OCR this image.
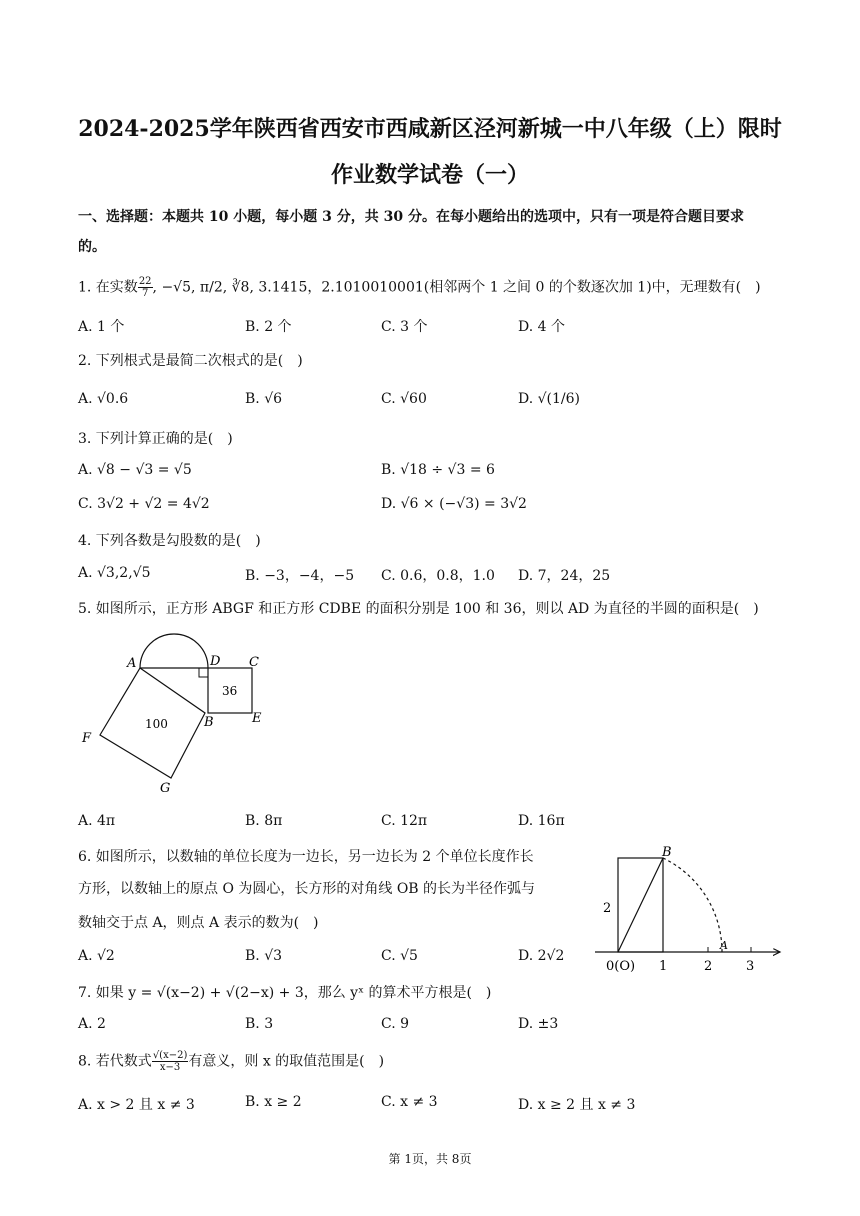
2024-2025学年陕西省西安市西咸新区泾河新城一中八年级（上）限时
作业数学试卷（一）
一、选择题：本题共 10 小题，每小题 3 分，共 30 分。在每小题给出的选项中，只有一项是符合题目要求
的。
1. 在实数 $\frac{22}{7}$ , −√5, π/2, ∛8, 3.1415，2.1010010001(相邻两个 1 之间 0 的个数逐次加 1)中，无理数有(　)
A. 1 个	B. 2 个	C. 3 个	D. 4 个
2. 下列根式是最简二次根式的是(　)
A. √0.6	B. √6	C. √60	D. √(1/6)
3. 下列计算正确的是(　)
A. √8 − √3 = √5	B. √18 ÷ √3 = 6
C. 3√2 + √2 = 4√2	D. √6 × (−√3) = 3√2
4. 下列各数是勾股数的是(　)
A. √3,2,√5	B. −3，−4，−5 C. 0.6，0.8，1.0 D. 7，24，25
5. 如图所示，正方形 ABGF 和正方形 CDBE 的面积分别是 100 和 36，则以 AD 为直径的半圆的面积是(　)
A	D C
B	E
F
G
36
100
A. 4π	B. 8π	C. 12π	D. 16π
6. 如图所示，以数轴的单位长度为一边长，另一边长为 2 个单位长度作长
方形，以数轴上的原点 O 为圆心，长方形的对角线 OB 的长为半径作弧与
数轴交于点 A，则点 A 表示的数为(　)
B
A
2
0(O) 1	2	3
A. √2	B. √3	C. √5	D. 2√2
7. 如果 y = √(x−2) + √(2−x) + 3，那么 yˣ 的算术平方根是(　)
A. 2	B. 3	C. 9	D. ±3
8. 若代数式 $\frac{√(x-2)}{x-3}$ 有意义，则 x 的取值范围是(　)
A. x > 2 且 x ≠ 3	B. x ≥ 2	C. x ≠ 3	D. x ≥ 2 且 x ≠ 3
第 1页，共 8页
